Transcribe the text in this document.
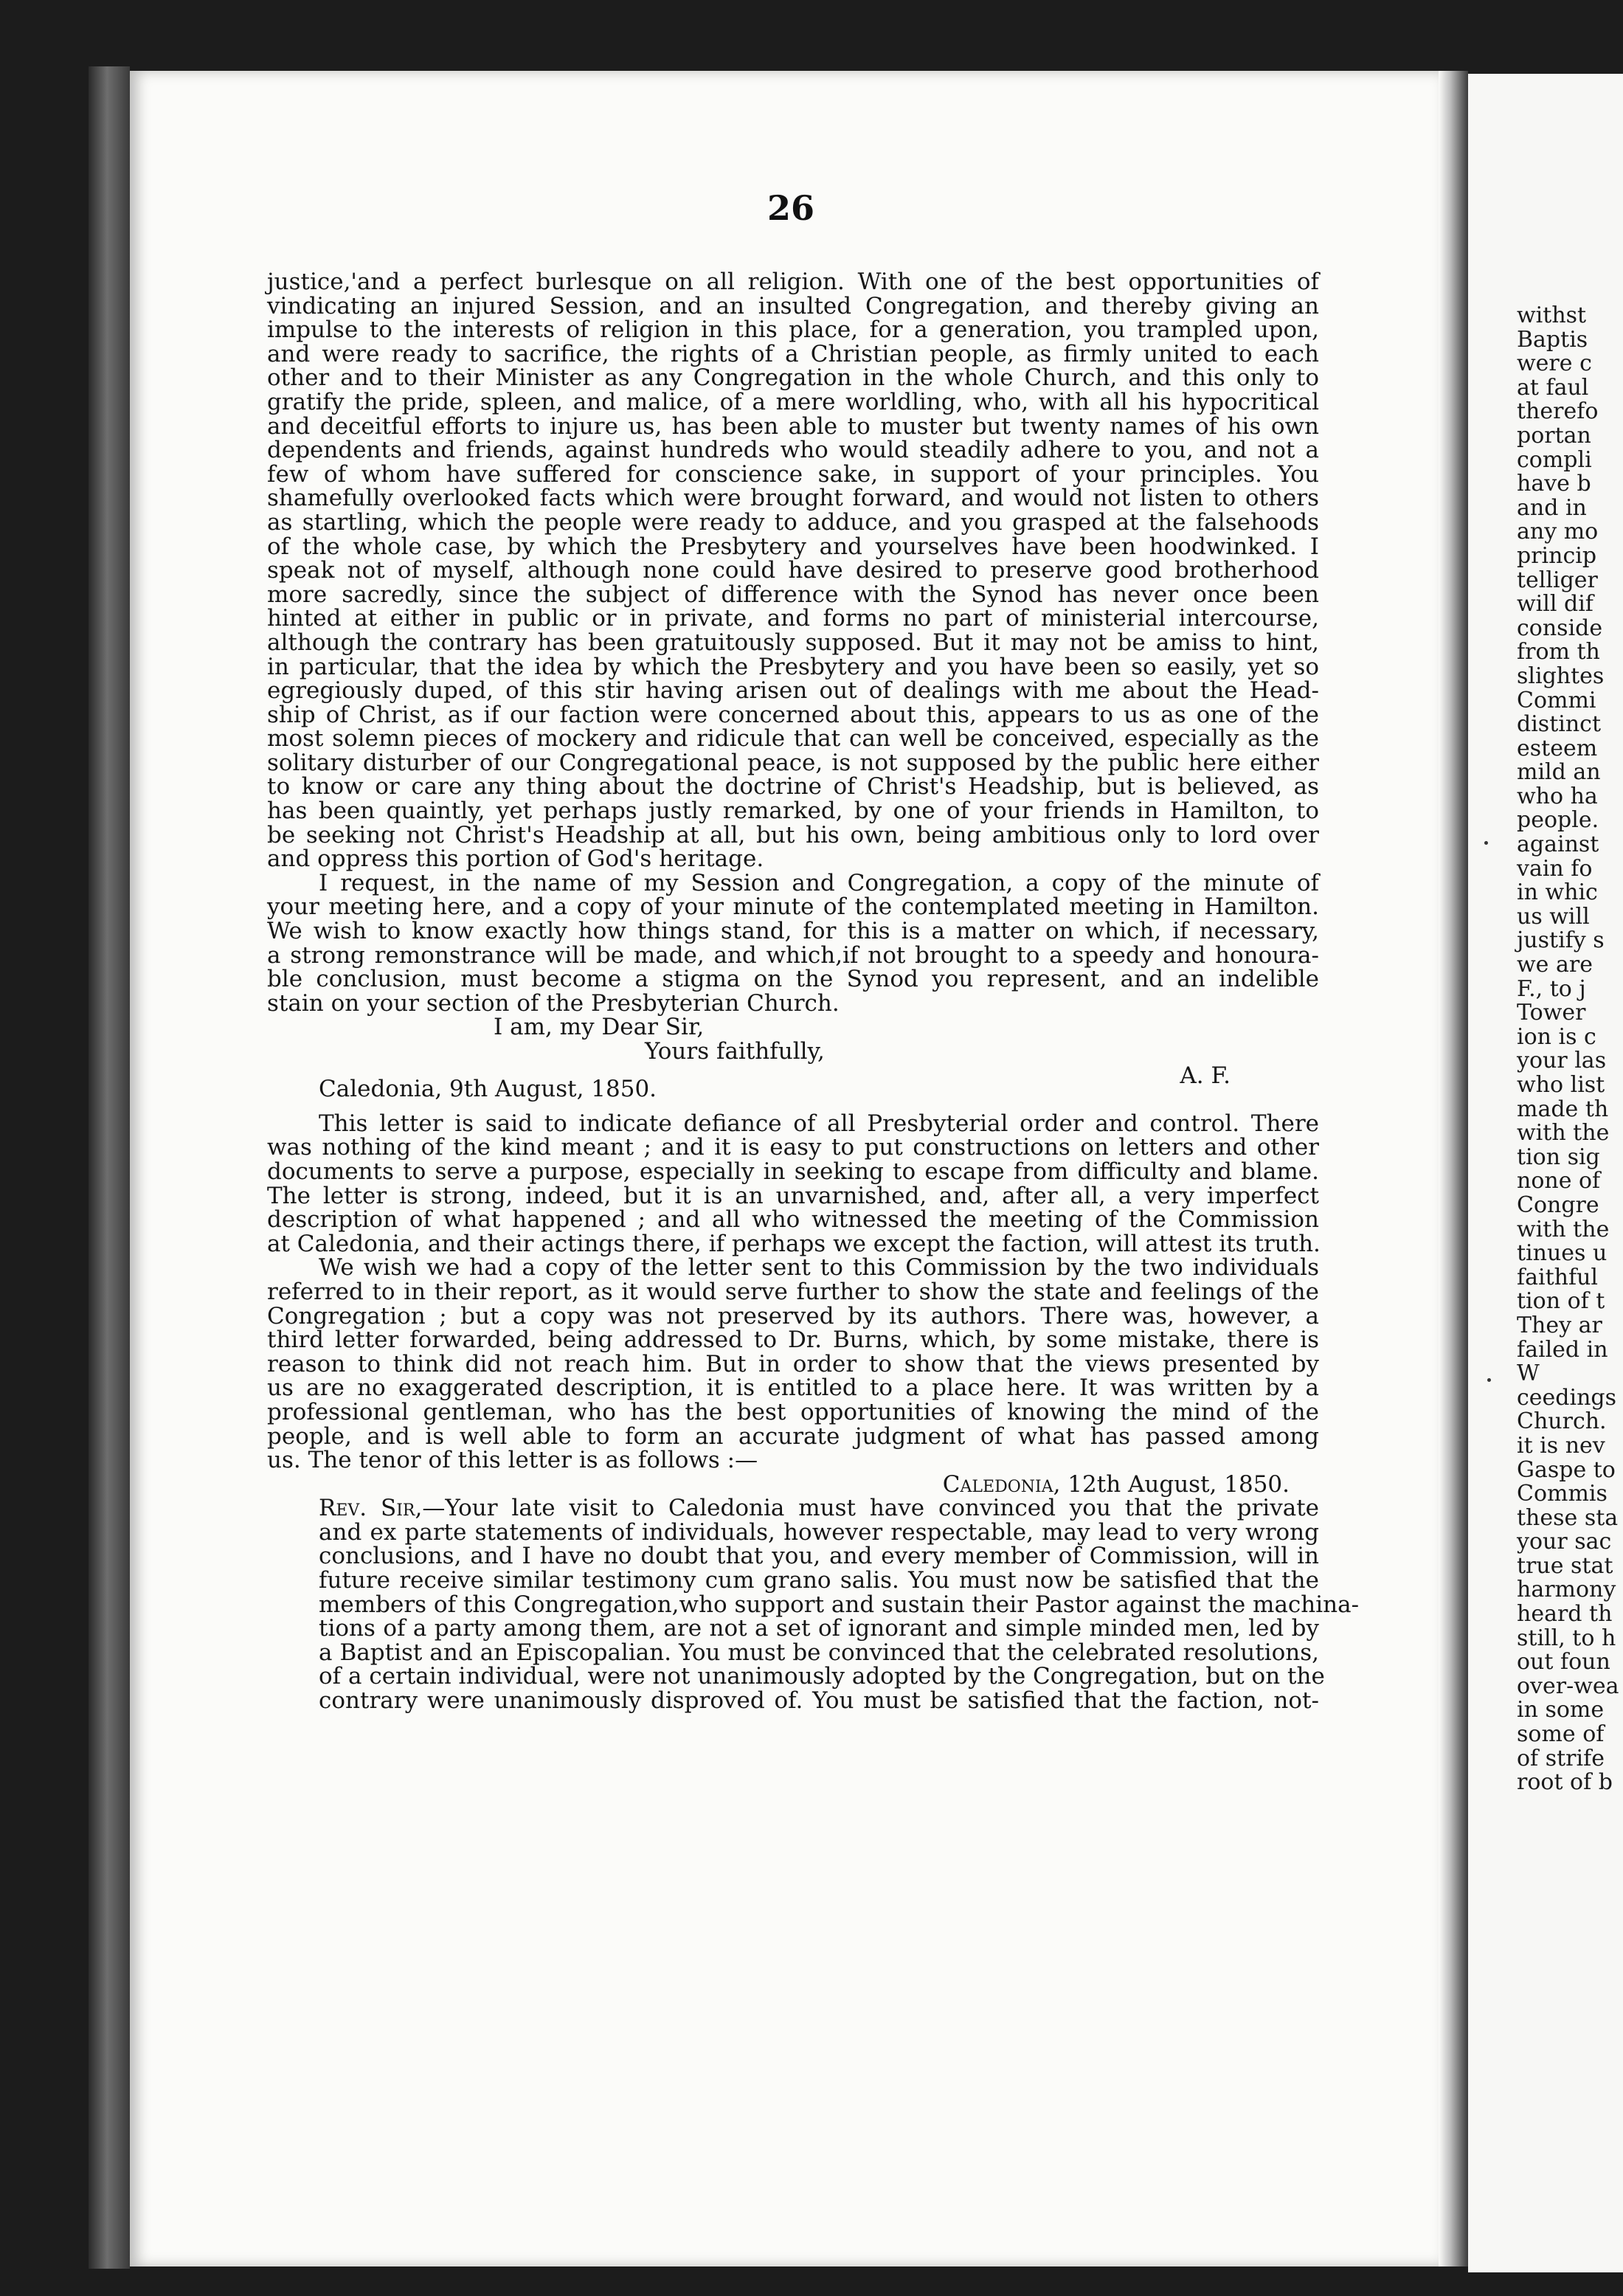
withst
Baptis
were c
at faul
therefo
portan
compli
have b
and in
any mo
princip
telliger
will dif
conside
from th
slightes
Commi
distinct
esteem
mild an
who ha
people.
against
vain fo
in whic
us will
justify s
we are
F., to j
Tower
ion is c
your las
who list
made th
with the
tion sig
none of
Congre
with the
tinues u
faithful
tion of t
They ar
failed in
W
ceedings
Church.
it is nev
Gaspe to
Commis
these sta
your sac
true stat
harmony
heard th
still, to h
out foun
over-wea
in some
some of
of strife
root of b
26

justice,'and a perfect burlesque on all religion. With one of the best opportunities of
vindicating an injured Session, and an insulted Congregation, and thereby giving an
impulse to the interests of religion in this place, for a generation, you trampled upon,
and were ready to sacrifice, the rights of a Christian people, as firmly united to each
other and to their Minister as any Congregation in the whole Church, and this only to
gratify the pride, spleen, and malice, of a mere worldling, who, with all his hypocritical
and deceitful efforts to injure us, has been able to muster but twenty names of his own
dependents and friends, against hundreds who would steadily adhere to you, and not a
few of whom have suffered for conscience sake, in support of your principles. You
shamefully overlooked facts which were brought forward, and would not listen to others
as startling, which the people were ready to adduce, and you grasped at the falsehoods
of the whole case, by which the Presbytery and yourselves have been hoodwinked. I
speak not of myself, although none could have desired to preserve good brotherhood
more sacredly, since the subject of difference with the Synod has never once been
hinted at either in public or in private, and forms no part of ministerial intercourse,
although the contrary has been gratuitously supposed. But it may not be amiss to hint,
in particular, that the idea by which the Presbytery and you have been so easily, yet so
egregiously duped, of this stir having arisen out of dealings with me about the Head-
ship of Christ, as if our faction were concerned about this, appears to us as one of the
most solemn pieces of mockery and ridicule that can well be conceived, especially as the
solitary disturber of our Congregational peace, is not supposed by the public here either
to know or care any thing about the doctrine of Christ's Headship, but is believed, as
has been quaintly, yet perhaps justly remarked, by one of your friends in Hamilton, to
be seeking not Christ's Headship at all, but his own, being ambitious only to lord over
and oppress this portion of God's heritage.

I request, in the name of my Session and Congregation, a copy of the minute of
your meeting here, and a copy of your minute of the contemplated meeting in Hamilton.
We wish to know exactly how things stand, for this is a matter on which, if necessary,
a strong remonstrance will be made, and which,if not brought to a speedy and honoura-
ble conclusion, must become a stigma on the Synod you represent, and an indelible
stain on your section of the Presbyterian Church.

I am, my Dear Sir,
Yours faithfully,
A. F.
Caledonia, 9th August, 1850.

This letter is said to indicate defiance of all Presbyterial order and control. There
was nothing of the kind meant ; and it is easy to put constructions on letters and other
documents to serve a purpose, especially in seeking to escape from difficulty and blame.
The letter is strong, indeed, but it is an unvarnished, and, after all, a very imperfect
description of what happened ; and all who witnessed the meeting of the Commission
at Caledonia, and their actings there, if perhaps we except the faction, will attest its truth.

We wish we had a copy of the letter sent to this Commission by the two individuals
referred to in their report, as it would serve further to show the state and feelings of the
Congregation ; but a copy was not preserved by its authors. There was, however, a
third letter forwarded, being addressed to Dr. Burns, which, by some mistake, there is
reason to think did not reach him. But in order to show that the views presented by
us are no exaggerated description, it is entitled to a place here. It was written by a
professional gentleman, who has the best opportunities of knowing the mind of the
people, and is well able to form an accurate judgment of what has passed among
us. The tenor of this letter is as follows :—

Caledonia, 12th August, 1850.

Rev. Sir,—Your late visit to Caledonia must have convinced you that the private
and ex parte statements of individuals, however respectable, may lead to very wrong
conclusions, and I have no doubt that you, and every member of Commission, will in
future receive similar testimony cum grano salis. You must now be satisfied that the
members of this Congregation,who support and sustain their Pastor against the machina-
tions of a party among them, are not a set of ignorant and simple minded men, led by
a Baptist and an Episcopalian. You must be convinced that the celebrated resolutions,
of a certain individual, were not unanimously adopted by the Congregation, but on the
contrary were unanimously disproved of. You must be satisfied that the faction, not-
